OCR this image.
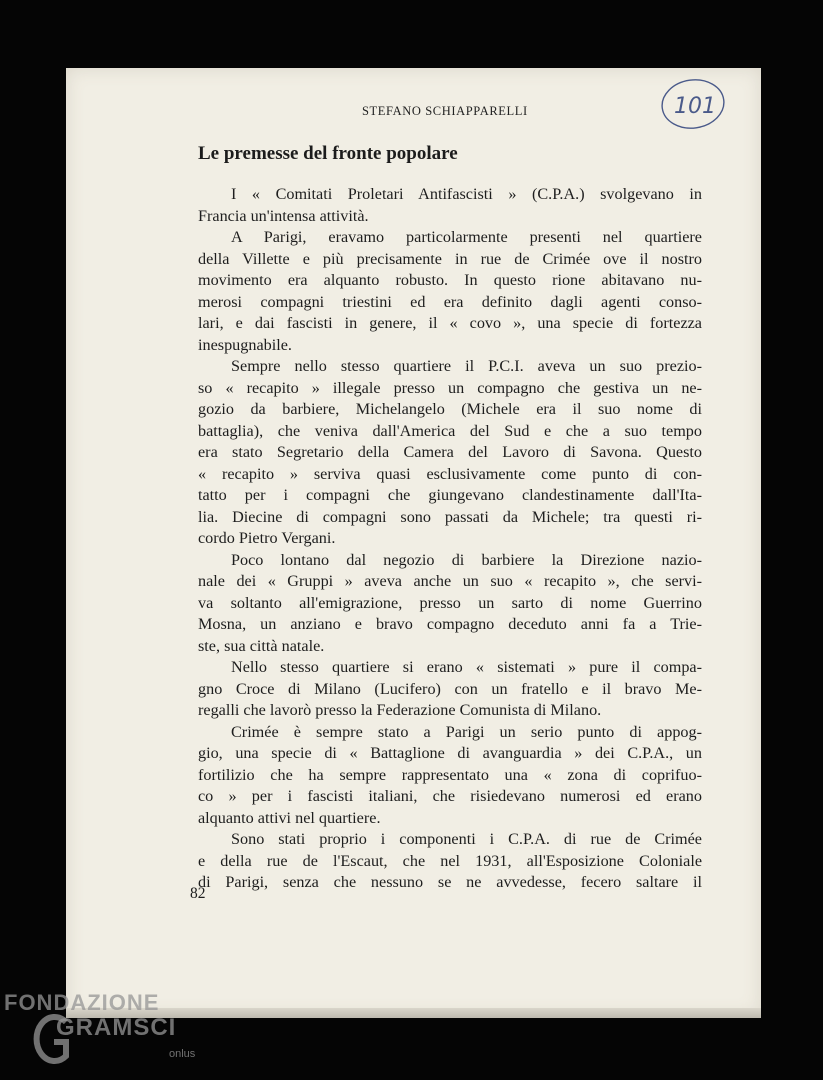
STEFANO SCHIAPPARELLI	101
Le premesse del fronte popolare
I « Comitati Proletari Antifascisti » (C.P.A.) svolgevano in
Francia un'intensa attività.
A Parigi, eravamo particolarmente presenti nel quartiere
della Villette e più precisamente in rue de Crimée ove il nostro
movimento era alquanto robusto. In questo rione abitavano nu-
merosi compagni triestini ed era definito dagli agenti conso-
lari, e dai fascisti in genere, il « covo », una specie di fortezza
inespugnabile.
Sempre nello stesso quartiere il P.C.I. aveva un suo prezio-
so « recapito » illegale presso un compagno che gestiva un ne-
gozio da barbiere, Michelangelo (Michele era il suo nome di
battaglia), che veniva dall'America del Sud e che a suo tempo
era stato Segretario della Camera del Lavoro di Savona. Questo
« recapito » serviva quasi esclusivamente come punto di con-
tatto per i compagni che giungevano clandestinamente dall'Ita-
lia. Diecine di compagni sono passati da Michele; tra questi ri-
cordo Pietro Vergani.
Poco lontano dal negozio di barbiere la Direzione nazio-
nale dei « Gruppi » aveva anche un suo « recapito », che servi-
va soltanto all'emigrazione, presso un sarto di nome Guerrino
Mosna, un anziano e bravo compagno deceduto anni fa a Trie-
ste, sua città natale.
Nello stesso quartiere si erano « sistemati » pure il compa-
gno Croce di Milano (Lucifero) con un fratello e il bravo Me-
regalli che lavorò presso la Federazione Comunista di Milano.
Crimée è sempre stato a Parigi un serio punto di appog-
gio, una specie di « Battaglione di avanguardia » dei C.P.A., un
fortilizio che ha sempre rappresentato una « zona di coprifuo-
co » per i fascisti italiani, che risiedevano numerosi ed erano
alquanto attivi nel quartiere.
Sono stati proprio i componenti i C.P.A. di rue de Crimée
e della rue de l'Escaut, che nel 1931, all'Esposizione Coloniale
di Parigi, senza che nessuno se ne avvedesse, fecero saltare il
82
FONDAZIONE
GRAMSCI
onlus
